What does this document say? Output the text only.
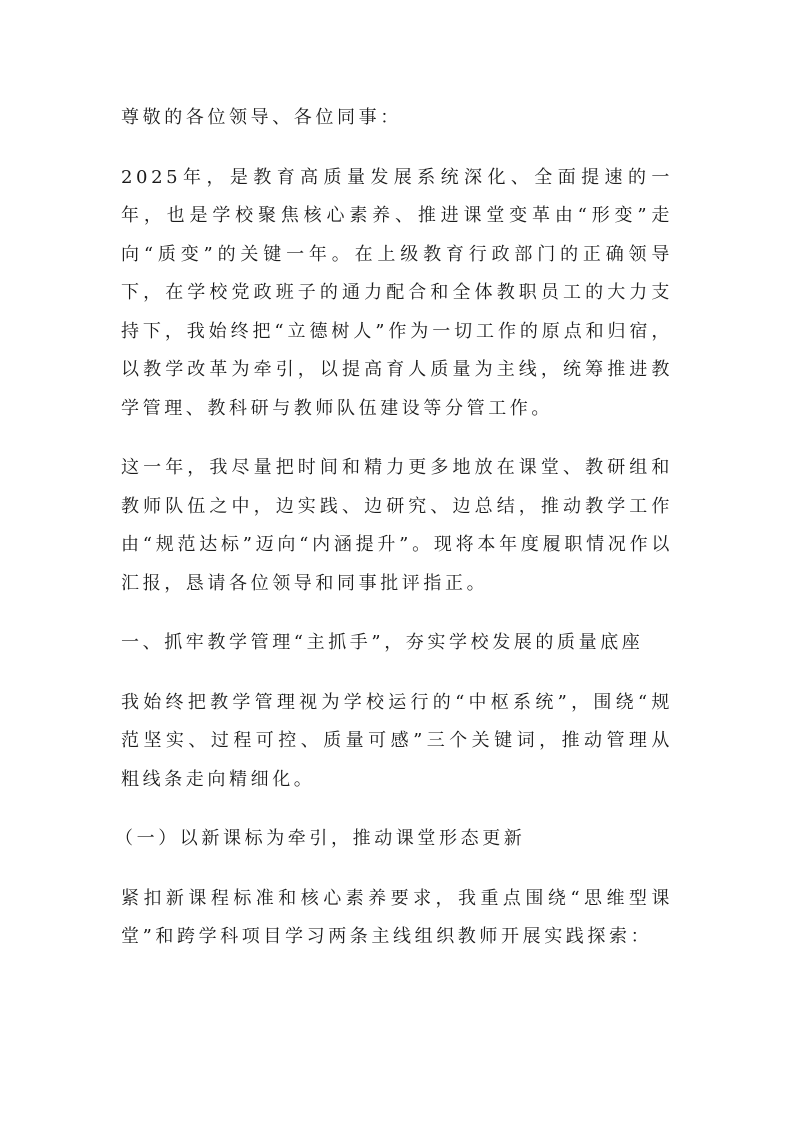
尊敬的各位领导、各位同事：

2025年，是教育高质量发展系统深化、全面提速的一年，也是学校聚焦核心素养、推进课堂变革由“形变”走向“质变”的关键一年。在上级教育行政部门的正确领导下，在学校党政班子的通力配合和全体教职员工的大力支持下，我始终把“立德树人”作为一切工作的原点和归宿，以教学改革为牵引，以提高育人质量为主线，统筹推进教学管理、教科研与教师队伍建设等分管工作。

这一年，我尽量把时间和精力更多地放在课堂、教研组和教师队伍之中，边实践、边研究、边总结，推动教学工作由“规范达标”迈向“内涵提升”。现将本年度履职情况作以汇报，恳请各位领导和同事批评指正。

一、抓牢教学管理“主抓手”，夯实学校发展的质量底座

我始终把教学管理视为学校运行的“中枢系统”，围绕“规范坚实、过程可控、质量可感”三个关键词，推动管理从粗线条走向精细化。

（一）以新课标为牵引，推动课堂形态更新

紧扣新课程标准和核心素养要求，我重点围绕“思维型课堂”和跨学科项目学习两条主线组织教师开展实践探索：
